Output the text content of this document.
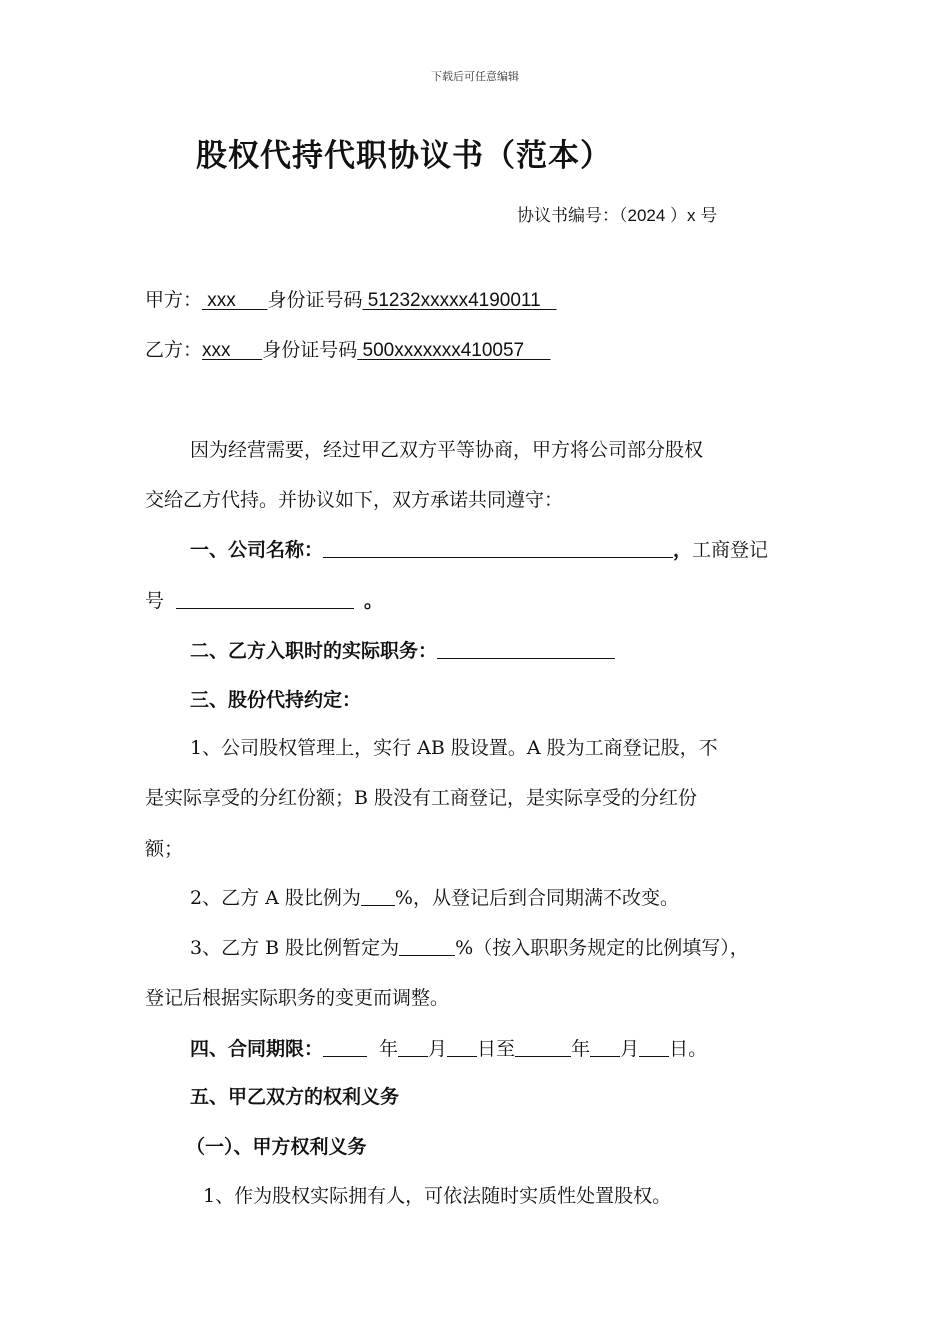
下载后可任意编辑
股权代持代职协议书（范本）
协议书编号：（2024 ）x 号
甲方： xxx      身份证号码 51232xxxxx4190011
乙方：xxx      身份证号码 500xxxxxxx410057
因为经营需要，经过甲乙双方平等协商，甲方将公司部分股权
交给乙方代持。并协议如下，双方承诺共同遵守：
一、公司名称：	，工商登记
号	。
二、乙方入职时的实际职务：
三、股份代持约定：
1、公司股权管理上，实行 AB 股设置。A 股为工商登记股，不
是实际享受的分红份额；B 股没有工商登记，是实际享受的分红份
额；
2、乙方 A 股比例为 %，从登记后到合同期满不改变。
3、乙方 B 股比例暂定为	%（按入职职务规定的比例填写），
登记后根据实际职务的变更而调整。
四、合同期限：	年 月 日至	年 月 日。
五、甲乙双方的权利义务
（一）、甲方权利义务
1、作为股权实际拥有人，可依法随时实质性处置股权。
